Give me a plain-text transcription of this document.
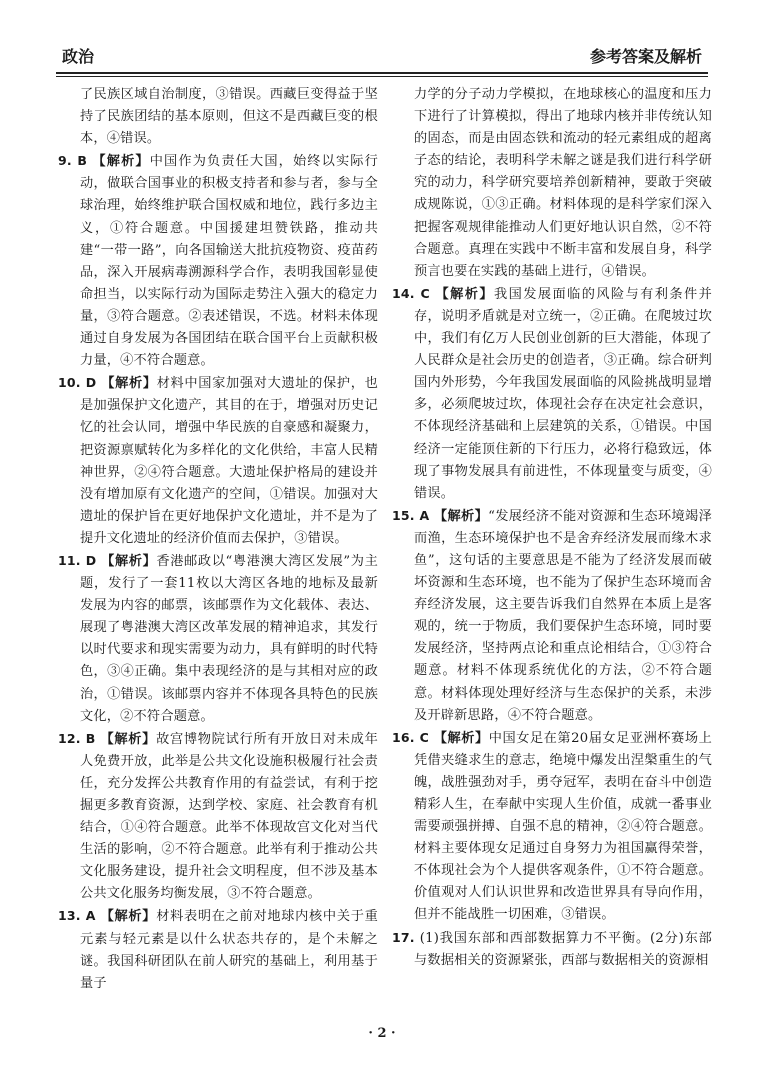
政治	参考答案及解析

了民族区域自治制度，③错误。西藏巨变得益于坚持了民族团结的基本原则，但这不是西藏巨变的根本，④错误。

9. B 【解析】中国作为负责任大国，始终以实际行动，做联合国事业的积极支持者和参与者，参与全球治理，始终维护联合国权威和地位，践行多边主义，①符合题意。中国援建坦赞铁路，推动共建“一带一路”，向各国输送大批抗疫物资、疫苗药品，深入开展病毒溯源科学合作，表明我国彰显使命担当，以实际行动为国际走势注入强大的稳定力量，③符合题意。②表述错误，不选。材料未体现通过自身发展为各国团结在联合国平台上贡献积极力量，④不符合题意。

10. D 【解析】材料中国家加强对大遗址的保护，也是加强保护文化遗产，其目的在于，增强对历史记忆的社会认同，增强中华民族的自豪感和凝聚力，把资源禀赋转化为多样化的文化供给，丰富人民精神世界，②④符合题意。大遗址保护格局的建设并没有增加原有文化遗产的空间，①错误。加强对大遗址的保护旨在更好地保护文化遗址，并不是为了提升文化遗址的经济价值而去保护，③错误。

11. D 【解析】香港邮政以“粤港澳大湾区发展”为主题，发行了一套11枚以大湾区各地的地标及最新发展为内容的邮票，该邮票作为文化载体、表达、展现了粤港澳大湾区改革发展的精神追求，其发行以时代要求和现实需要为动力，具有鲜明的时代特色，③④正确。集中表现经济的是与其相对应的政治，①错误。该邮票内容并不体现各具特色的民族文化，②不符合题意。

12. B 【解析】故宫博物院试行所有开放日对未成年人免费开放，此举是公共文化设施积极履行社会责任，充分发挥公共教育作用的有益尝试，有利于挖掘更多教育资源，达到学校、家庭、社会教育有机结合，①④符合题意。此举不体现故宫文化对当代生活的影响，②不符合题意。此举有利于推动公共文化服务建设，提升社会文明程度，但不涉及基本公共文化服务均衡发展，③不符合题意。

13. A 【解析】材料表明在之前对地球内核中关于重元素与轻元素是以什么状态共存的，是个未解之谜。我国科研团队在前人研究的基础上，利用基于量子

力学的分子动力学模拟，在地球核心的温度和压力下进行了计算模拟，得出了地球内核并非传统认知的固态，而是由固态铁和流动的轻元素组成的超离子态的结论，表明科学未解之谜是我们进行科学研究的动力，科学研究要培养创新精神，要敢于突破成规陈说，①③正确。材料体现的是科学家们深入把握客观规律能推动人们更好地认识自然，②不符合题意。真理在实践中不断丰富和发展自身，科学预言也要在实践的基础上进行，④错误。

14. C 【解析】我国发展面临的风险与有利条件并存，说明矛盾就是对立统一，②正确。在爬坡过坎中，我们有亿万人民创业创新的巨大潜能，体现了人民群众是社会历史的创造者，③正确。综合研判国内外形势，今年我国发展面临的风险挑战明显增多，必须爬坡过坎，体现社会存在决定社会意识，不体现经济基础和上层建筑的关系，①错误。中国经济一定能顶住新的下行压力，必将行稳致远，体现了事物发展具有前进性，不体现量变与质变，④错误。

15. A 【解析】“发展经济不能对资源和生态环境竭泽而渔，生态环境保护也不是舍弃经济发展而缘木求鱼”，这句话的主要意思是不能为了经济发展而破坏资源和生态环境，也不能为了保护生态环境而舍弃经济发展，这主要告诉我们自然界在本质上是客观的，统一于物质，我们要保护生态环境，同时要发展经济，坚持两点论和重点论相结合，①③符合题意。材料不体现系统优化的方法，②不符合题意。材料体现处理好经济与生态保护的关系，未涉及开辟新思路，④不符合题意。

16. C 【解析】中国女足在第20届女足亚洲杯赛场上凭借夹缝求生的意志，绝境中爆发出涅槃重生的气魄，战胜强劲对手，勇夺冠军，表明在奋斗中创造精彩人生，在奉献中实现人生价值，成就一番事业需要顽强拼搏、自强不息的精神，②④符合题意。材料主要体现女足通过自身努力为祖国赢得荣誉，不体现社会为个人提供客观条件，①不符合题意。价值观对人们认识世界和改造世界具有导向作用，但并不能战胜一切困难，③错误。

17. (1)我国东部和西部数据算力不平衡。(2分)东部与数据相关的资源紧张，西部与数据相关的资源相

· 2 ·
